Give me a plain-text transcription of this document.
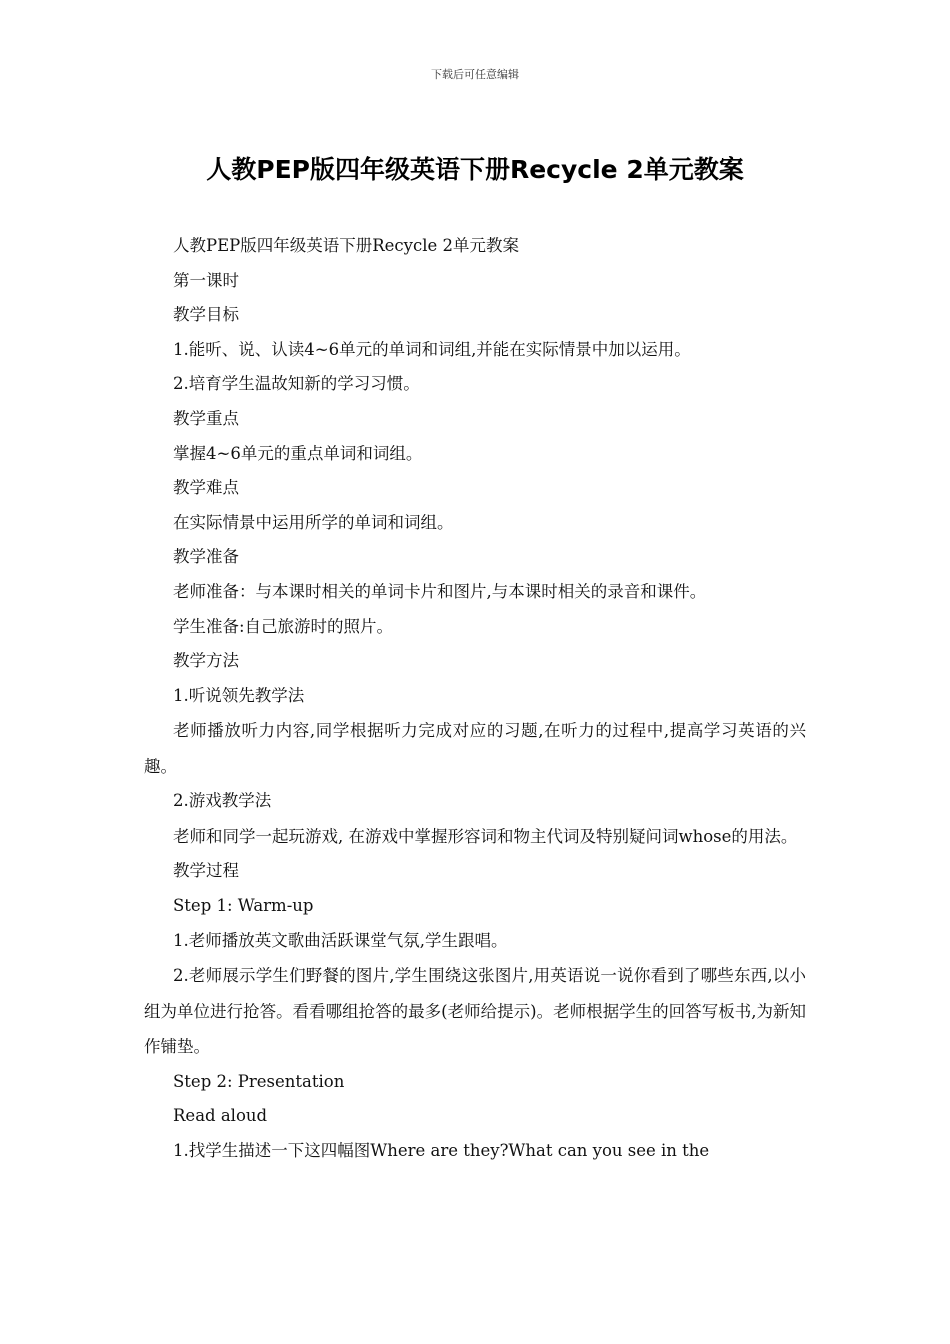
下载后可任意编辑
人教PEP版四年级英语下册Recycle 2单元教案

人教PEP版四年级英语下册Recycle 2单元教案

第一课时

教学目标

1.能听、说、认读4~6单元的单词和词组,并能在实际情景中加以运用。

2.培育学生温故知新的学习习惯。

教学重点

掌握4~6单元的重点单词和词组。

教学难点

在实际情景中运用所学的单词和词组。

教学准备

老师准备：与本课时相关的单词卡片和图片,与本课时相关的录音和课件。

学生准备:自己旅游时的照片。

教学方法

1.听说领先教学法

老师播放听力内容,同学根据听力完成对应的习题,在听力的过程中,提高学习英语的兴趣。

2.游戏教学法

老师和同学一起玩游戏, 在游戏中掌握形容词和物主代词及特别疑问词whose的用法。

教学过程

Step 1: Warm-up

1.老师播放英文歌曲活跃课堂气氛,学生跟唱。

2.老师展示学生们野餐的图片,学生围绕这张图片,用英语说一说你看到了哪些东西,以小组为单位进行抢答。看看哪组抢答的最多(老师给提示)。老师根据学生的回答写板书,为新知作铺垫。

Step 2: Presentation

Read aloud

1.找学生描述一下这四幅图Where are they?What can you see in the
